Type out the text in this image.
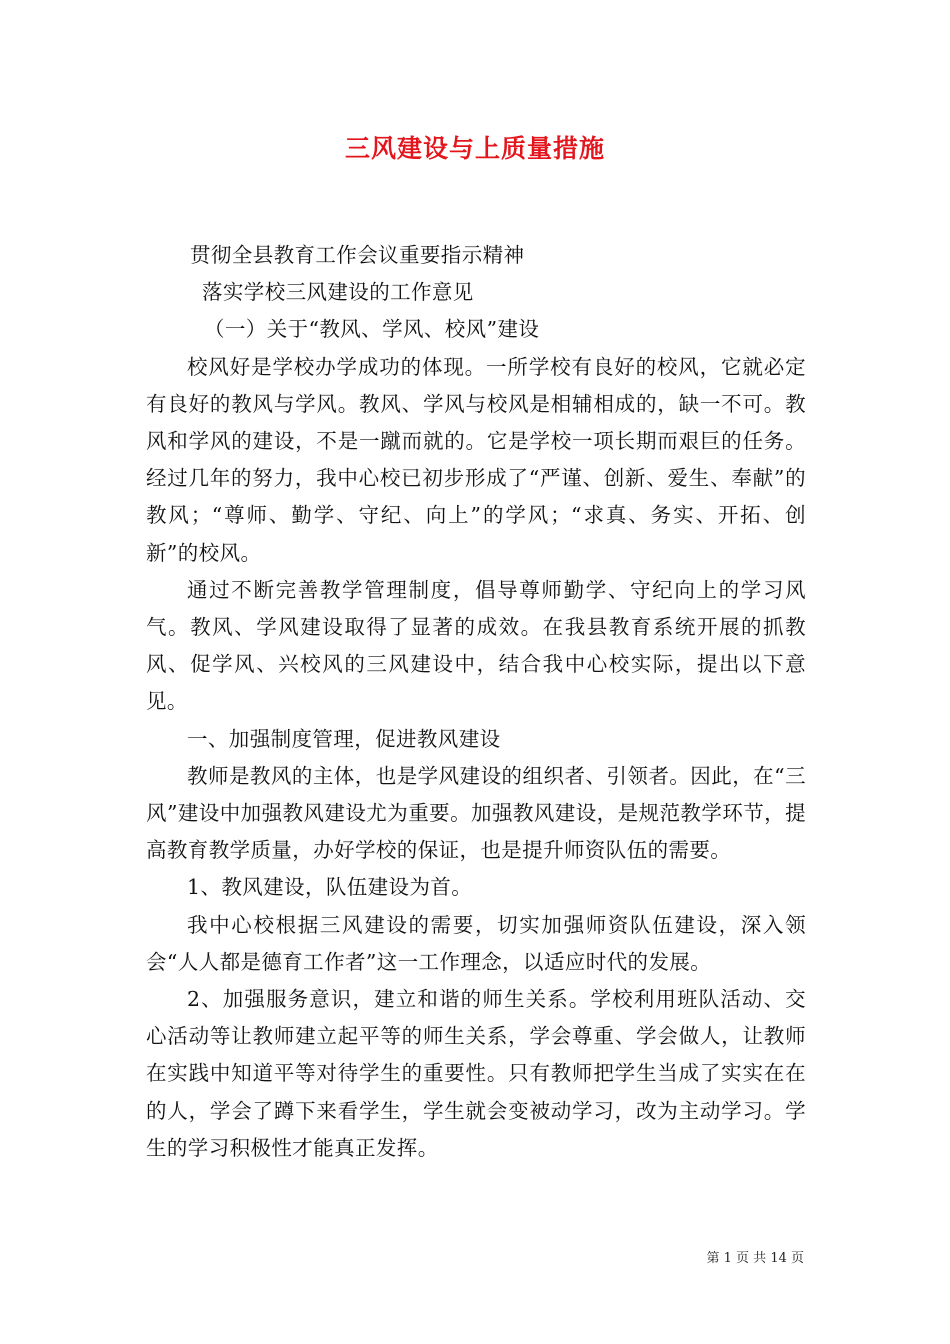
三风建设与上质量措施

贯彻全县教育工作会议重要指示精神

落实学校三风建设的工作意见

（一）关于“教风、学风、校风”建设

校风好是学校办学成功的体现。一所学校有良好的校风，它就必定有良好的教风与学风。教风、学风与校风是相辅相成的，缺一不可。教风和学风的建设，不是一蹴而就的。它是学校一项长期而艰巨的任务。经过几年的努力，我中心校已初步形成了“严谨、创新、爱生、奉献”的教风；“尊师、勤学、守纪、向上”的学风；“求真、务实、开拓、创新”的校风。

通过不断完善教学管理制度，倡导尊师勤学、守纪向上的学习风气。教风、学风建设取得了显著的成效。在我县教育系统开展的抓教风、促学风、兴校风的三风建设中，结合我中心校实际，提出以下意见。

一、加强制度管理，促进教风建设

教师是教风的主体，也是学风建设的组织者、引领者。因此，在“三风”建设中加强教风建设尤为重要。加强教风建设，是规范教学环节，提高教育教学质量，办好学校的保证，也是提升师资队伍的需要。

1、教风建设，队伍建设为首。

我中心校根据三风建设的需要，切实加强师资队伍建设，深入领会“人人都是德育工作者”这一工作理念，以适应时代的发展。

2、加强服务意识，建立和谐的师生关系。学校利用班队活动、交心活动等让教师建立起平等的师生关系，学会尊重、学会做人，让教师在实践中知道平等对待学生的重要性。只有教师把学生当成了实实在在的人，学会了蹲下来看学生，学生就会变被动学习，改为主动学习。学生的学习积极性才能真正发挥。

第 1 页 共 14 页
